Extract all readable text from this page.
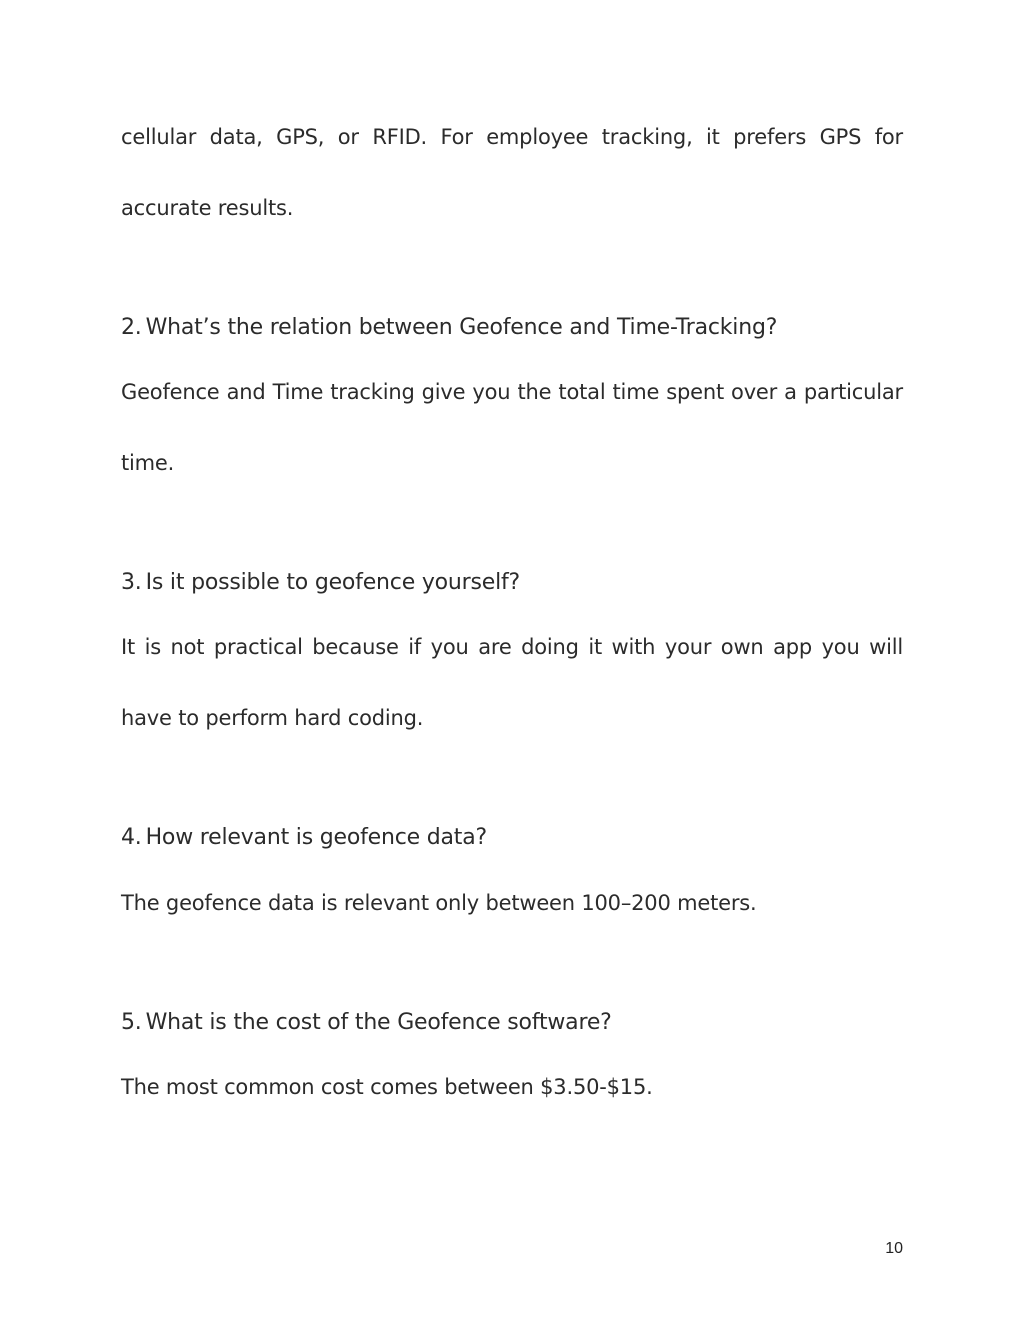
cellular data, GPS, or RFID. For employee tracking, it prefers GPS for accurate results.

2. What’s the relation between Geofence and Time-Tracking?

Geofence and Time tracking give you the total time spent over a particular time.

3. Is it possible to geofence yourself?

It is not practical because if you are doing it with your own app you will have to perform hard coding.

4. How relevant is geofence data?

The geofence data is relevant only between 100–200 meters.

5. What is the cost of the Geofence software?

The most common cost comes between $3.50-$15.

10
